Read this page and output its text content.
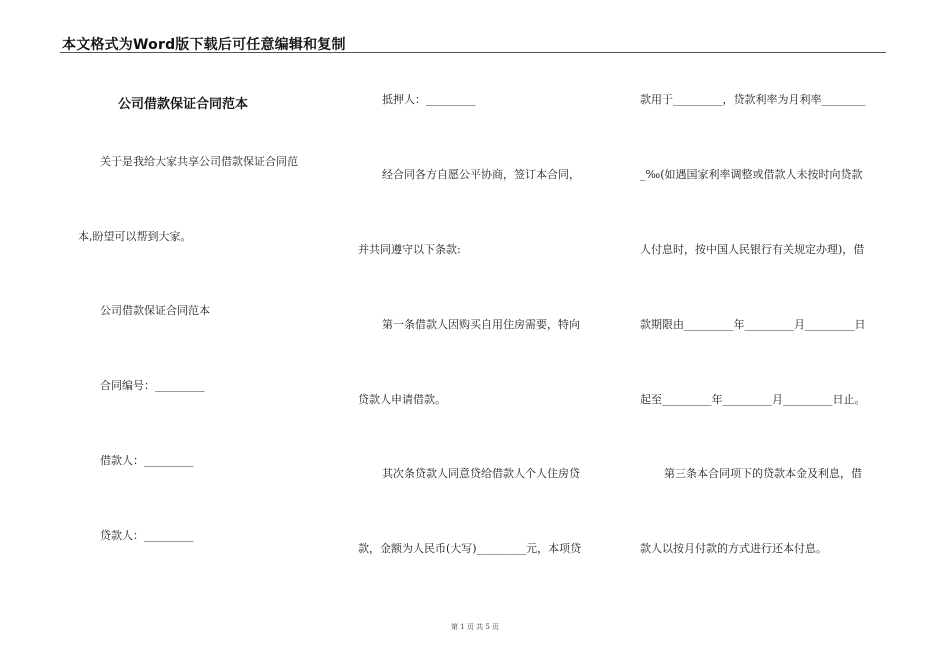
本文格式为Word版下载后可任意编辑和复制
公司借款保证合同范本
关于是我给大家共享公司借款保证合同范
本,盼望可以帮到大家。
公司借款保证合同范本
合同编号：_________
借款人：_________
贷款人：_________
抵押人：_________
经合同各方自愿公平协商，签订本合同，
并共同遵守以下条款:
第一条借款人因购买自用住房需要，特向
贷款人申请借款。
其次条贷款人同意贷给借款人个人住房贷
款，金额为人民币(大写)_________元，本项贷
款用于_________，贷款利率为月利率________
_‰(如遇国家利率调整或借款人未按时向贷款
人付息时，按中国人民银行有关规定办理)，借
款期限由_________年_________月_________日
起至_________年_________月_________日止。
第三条本合同项下的贷款本金及利息，借
款人以按月付款的方式进行还本付息。
第 1 页 共 5 页
